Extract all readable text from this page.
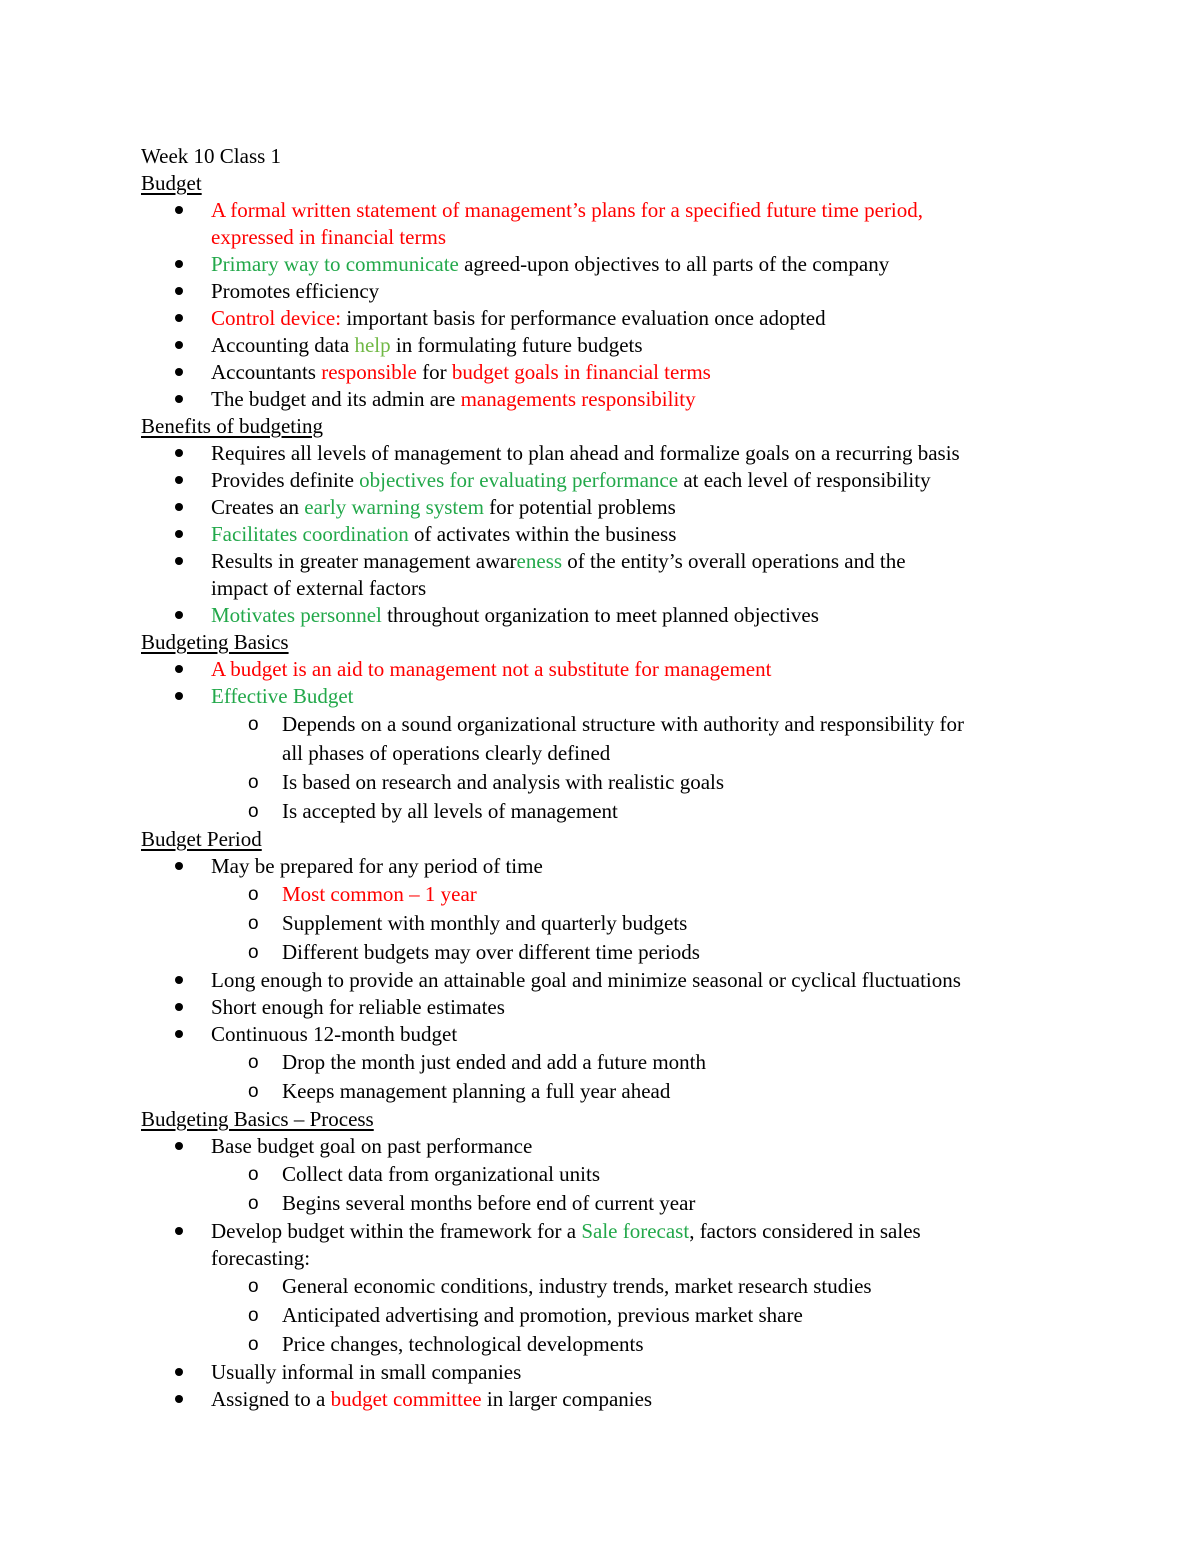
Week 10 Class 1
Budget
A formal written statement of management’s plans for a specified future time period,
expressed in financial terms
Primary way to communicate agreed-upon objectives to all parts of the company
Promotes efficiency
Control device: important basis for performance evaluation once adopted
Accounting data help in formulating future budgets
Accountants responsible for budget goals in financial terms
The budget and its admin are managements responsibility
Benefits of budgeting
Requires all levels of management to plan ahead and formalize goals on a recurring basis
Provides definite objectives for evaluating performance at each level of responsibility
Creates an early warning system for potential problems
Facilitates coordination of activates within the business
Results in greater management awareness of the entity’s overall operations and the
impact of external factors
Motivates personnel throughout organization to meet planned objectives
Budgeting Basics
A budget is an aid to management not a substitute for management
Effective Budget
o Depends on a sound organizational structure with authority and responsibility for
all phases of operations clearly defined
o Is based on research and analysis with realistic goals
o Is accepted by all levels of management
Budget Period
May be prepared for any period of time
o Most common – 1 year
o Supplement with monthly and quarterly budgets
o Different budgets may over different time periods
Long enough to provide an attainable goal and minimize seasonal or cyclical fluctuations
Short enough for reliable estimates
Continuous 12-month budget
o Drop the month just ended and add a future month
o Keeps management planning a full year ahead
Budgeting Basics – Process
Base budget goal on past performance
o Collect data from organizational units
o Begins several months before end of current year
Develop budget within the framework for a Sale forecast, factors considered in sales
forecasting:
o General economic conditions, industry trends, market research studies
o Anticipated advertising and promotion, previous market share
o Price changes, technological developments
Usually informal in small companies
Assigned to a budget committee in larger companies
